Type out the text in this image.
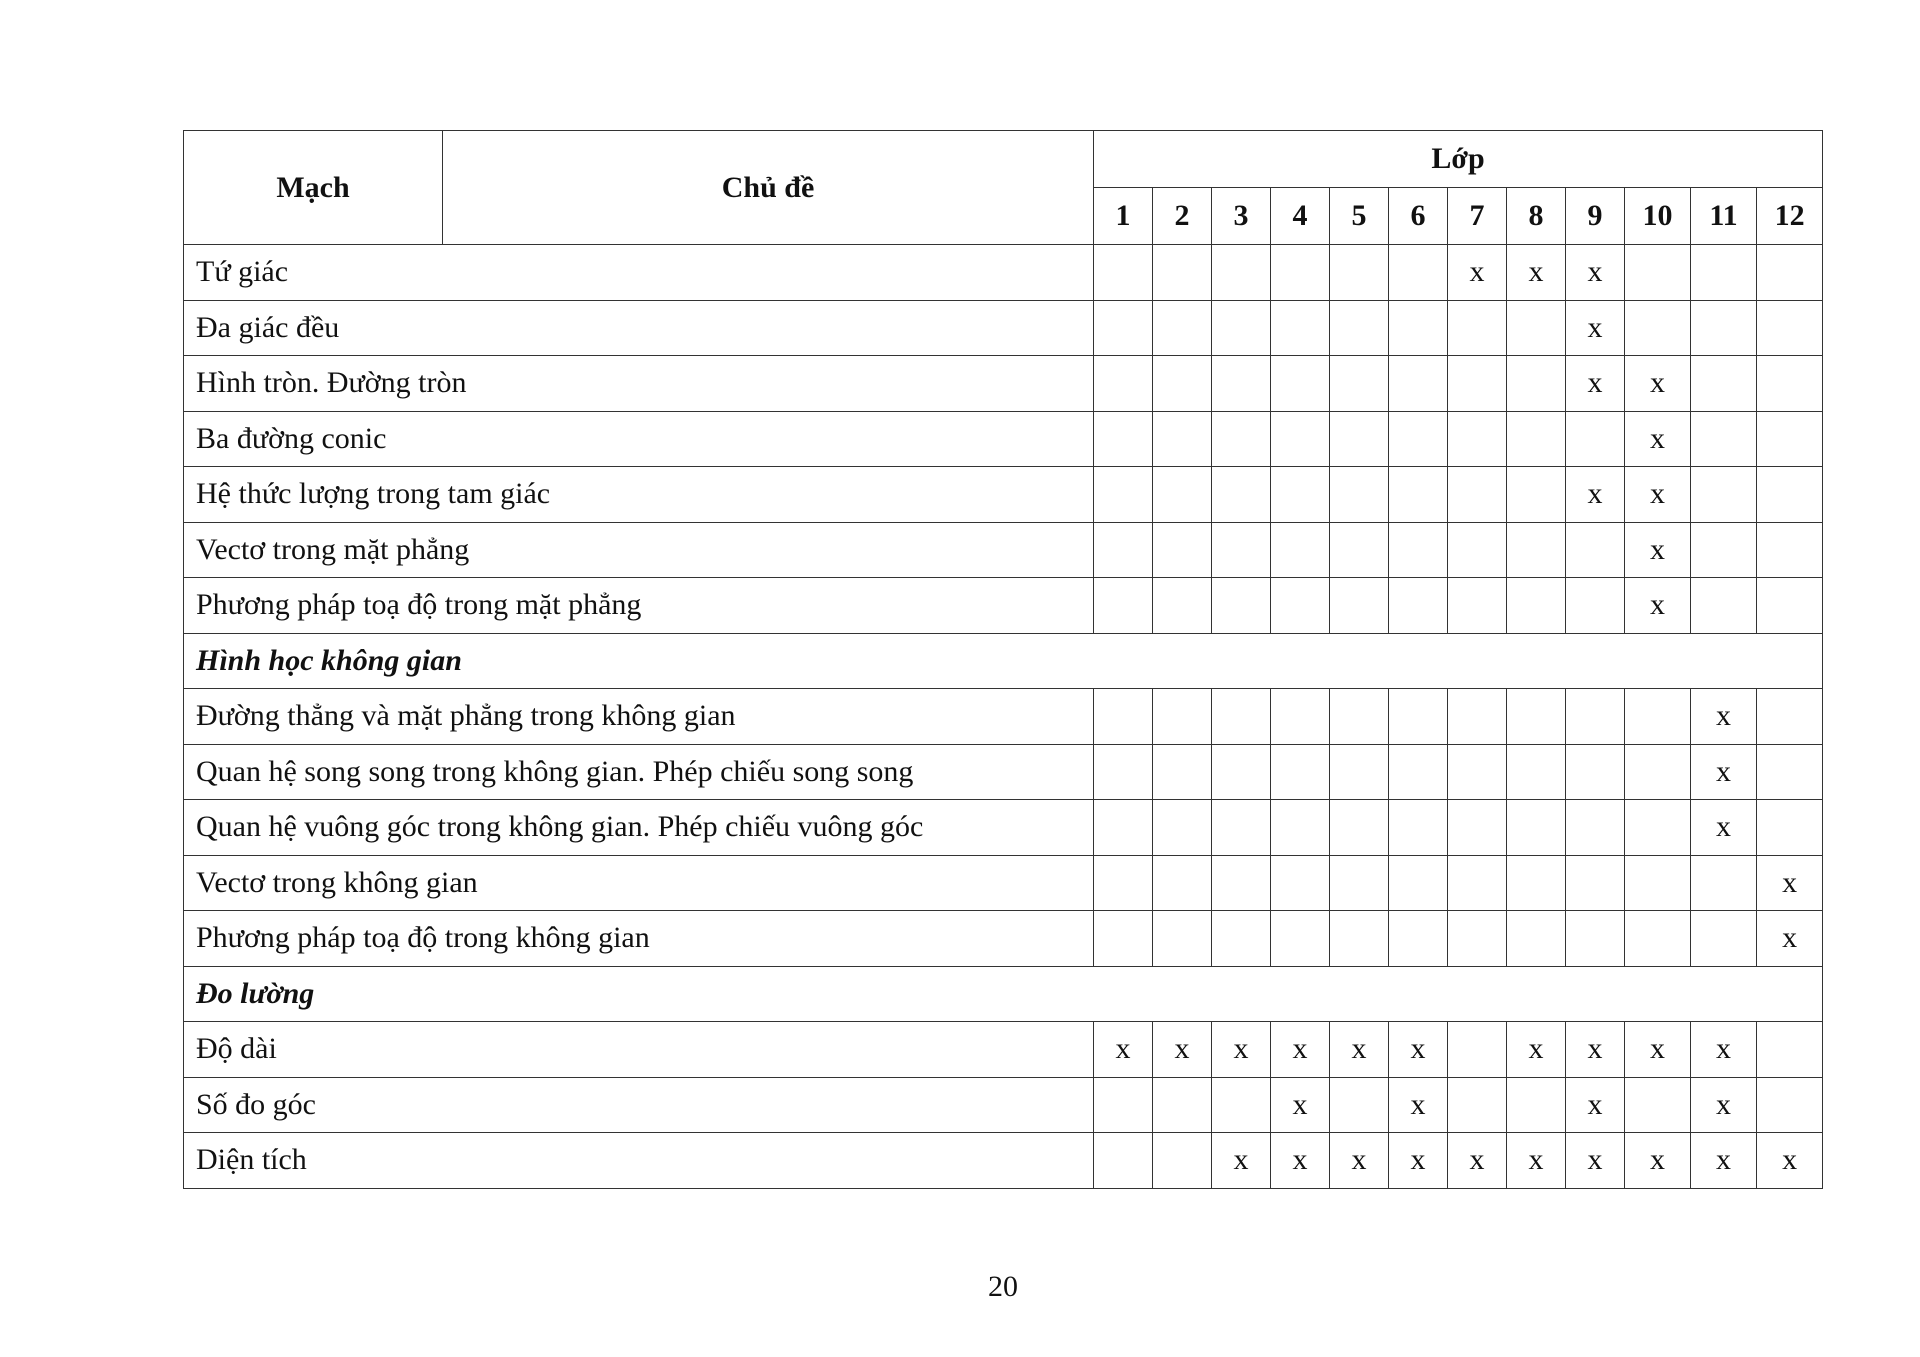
Mạch	Chủ đề	Lớp											
		1	2	3	4	5	6	7	8	9	10	11	12
Tứ giác								x	x	x			
Đa giác đều										x			
Hình tròn. Đường tròn										x	x		
Ba đường conic											x		
Hệ thức lượng trong tam giác										x	x		
Vectơ trong mặt phẳng											x		
Phương pháp toạ độ trong mặt phẳng											x		
Hình học không gian													
Đường thẳng và mặt phẳng trong không gian												x	
Quan hệ song song trong không gian. Phép chiếu song song												x	
Quan hệ vuông góc trong không gian. Phép chiếu vuông góc												x	
Vectơ trong không gian													x
Phương pháp toạ độ trong không gian													x
Đo lường													
Độ dài		x	x	x	x	x	x		x	x	x	x	
Số đo góc					x		x			x		x	
Diện tích				x	x	x	x	x	x	x	x	x	x
20
